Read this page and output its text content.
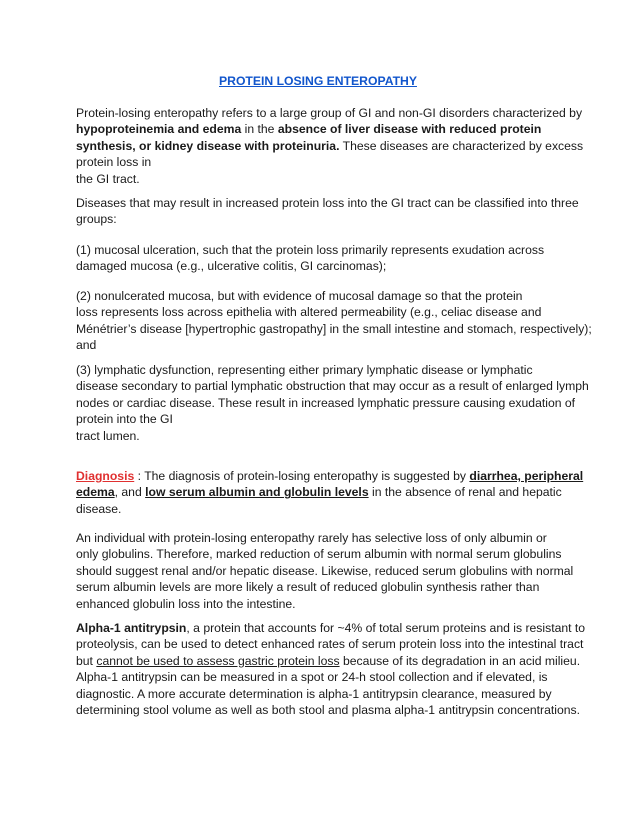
PROTEIN LOSING ENTEROPATHY

Protein-losing enteropathy refers to a large group of GI and non-GI disorders characterized by
hypoproteinemia and edema in the absence of liver disease with reduced protein
synthesis, or kidney disease with proteinuria. These diseases are characterized by excess
protein loss in
the GI tract.

Diseases that may result in increased protein loss into the GI tract can be classified into three
groups:

(1) mucosal ulceration, such that the protein loss primarily represents exudation across
damaged mucosa (e.g., ulcerative colitis, GI carcinomas);

(2) nonulcerated mucosa, but with evidence of mucosal damage so that the protein
loss represents loss across epithelia with altered permeability (e.g., celiac disease and
Ménétrier’s disease [hypertrophic gastropathy] in the small intestine and stomach, respectively);
and

(3) lymphatic dysfunction, representing either primary lymphatic disease or lymphatic
disease secondary to partial lymphatic obstruction that may occur as a result of enlarged lymph
nodes or cardiac disease. These result in increased lymphatic pressure causing exudation of
protein into the GI
tract lumen.

Diagnosis : The diagnosis of protein-losing enteropathy is suggested by diarrhea, peripheral
edema, and low serum albumin and globulin levels in the absence of renal and hepatic
disease.

An individual with protein-losing enteropathy rarely has selective loss of only albumin or
only globulins. Therefore, marked reduction of serum albumin with normal serum globulins
should suggest renal and/or hepatic disease. Likewise, reduced serum globulins with normal
serum albumin levels are more likely a result of reduced globulin synthesis rather than
enhanced globulin loss into the intestine.

Alpha-1 antitrypsin, a protein that accounts for ~4% of total serum proteins and is resistant to
proteolysis, can be used to detect enhanced rates of serum protein loss into the intestinal tract
but cannot be used to assess gastric protein loss because of its degradation in an acid milieu.
Alpha-1 antitrypsin can be measured in a spot or 24-h stool collection and if elevated, is
diagnostic. A more accurate determination is alpha-1 antitrypsin clearance, measured by
determining stool volume as well as both stool and plasma alpha-1 antitrypsin concentrations.
